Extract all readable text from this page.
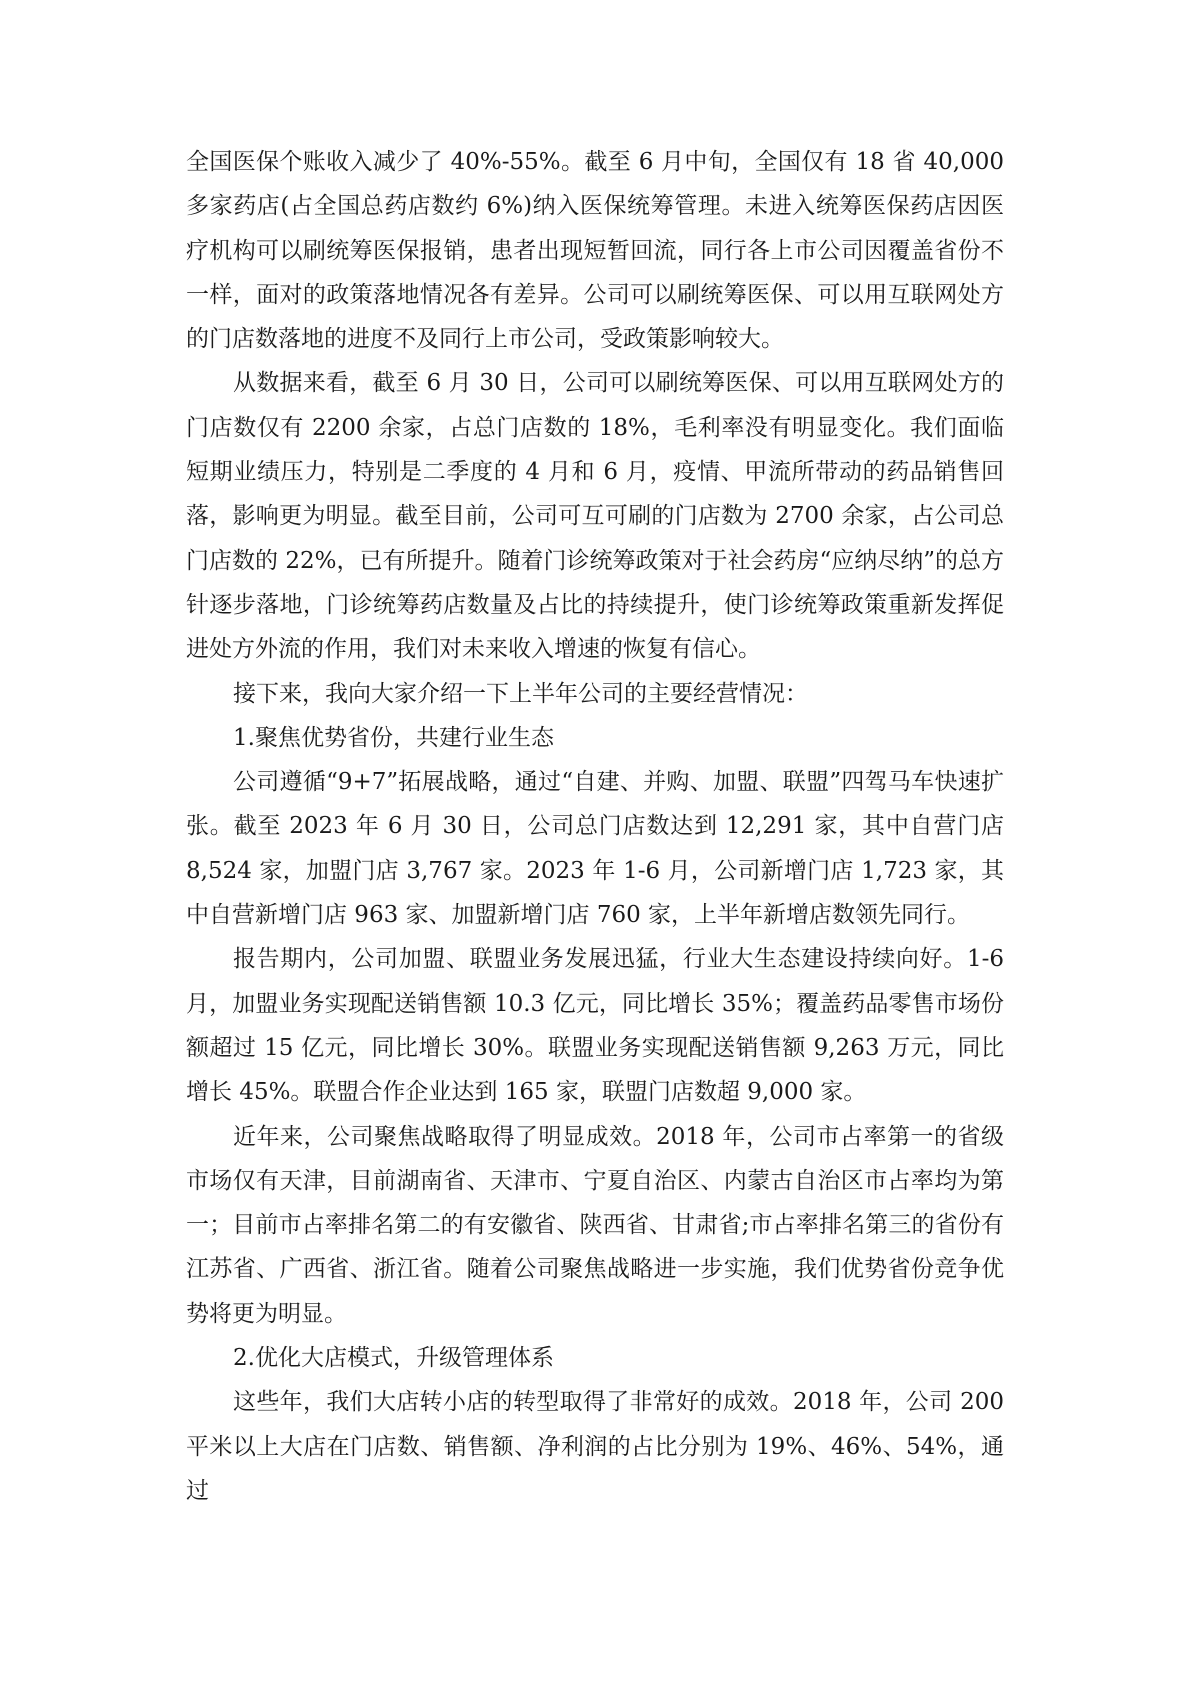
全国医保个账收入减少了 40%-55%。截至 6 月中旬，全国仅有 18 省 40,000 多家药店(占全国总药店数约 6%)纳入医保统筹管理。未进入统筹医保药店因医疗机构可以刷统筹医保报销，患者出现短暂回流，同行各上市公司因覆盖省份不一样，面对的政策落地情况各有差异。公司可以刷统筹医保、可以用互联网处方的门店数落地的进度不及同行上市公司，受政策影响较大。

从数据来看，截至 6 月 30 日，公司可以刷统筹医保、可以用互联网处方的门店数仅有 2200 余家，占总门店数的 18%，毛利率没有明显变化。我们面临短期业绩压力，特别是二季度的 4 月和 6 月，疫情、甲流所带动的药品销售回落，影响更为明显。截至目前，公司可互可刷的门店数为 2700 余家，占公司总门店数的 22%，已有所提升。随着门诊统筹政策对于社会药房“应纳尽纳”的总方针逐步落地，门诊统筹药店数量及占比的持续提升，使门诊统筹政策重新发挥促进处方外流的作用，我们对未来收入增速的恢复有信心。

接下来，我向大家介绍一下上半年公司的主要经营情况：

1.聚焦优势省份，共建行业生态

公司遵循“9+7”拓展战略，通过“自建、并购、加盟、联盟”四驾马车快速扩张。截至 2023 年 6 月 30 日，公司总门店数达到 12,291 家，其中自营门店 8,524 家，加盟门店 3,767 家。2023 年 1-6 月，公司新增门店 1,723 家，其中自营新增门店 963 家、加盟新增门店 760 家，上半年新增店数领先同行。

报告期内，公司加盟、联盟业务发展迅猛，行业大生态建设持续向好。1-6 月，加盟业务实现配送销售额 10.3 亿元，同比增长 35%；覆盖药品零售市场份额超过 15 亿元，同比增长 30%。联盟业务实现配送销售额 9,263 万元，同比增长 45%。联盟合作企业达到 165 家，联盟门店数超 9,000 家。

近年来，公司聚焦战略取得了明显成效。2018 年，公司市占率第一的省级市场仅有天津，目前湖南省、天津市、宁夏自治区、内蒙古自治区市占率均为第一；目前市占率排名第二的有安徽省、陕西省、甘肃省;市占率排名第三的省份有江苏省、广西省、浙江省。随着公司聚焦战略进一步实施，我们优势省份竞争优势将更为明显。

2.优化大店模式，升级管理体系

这些年，我们大店转小店的转型取得了非常好的成效。2018 年，公司 200 平米以上大店在门店数、销售额、净利润的占比分别为 19%、46%、54%，通过
